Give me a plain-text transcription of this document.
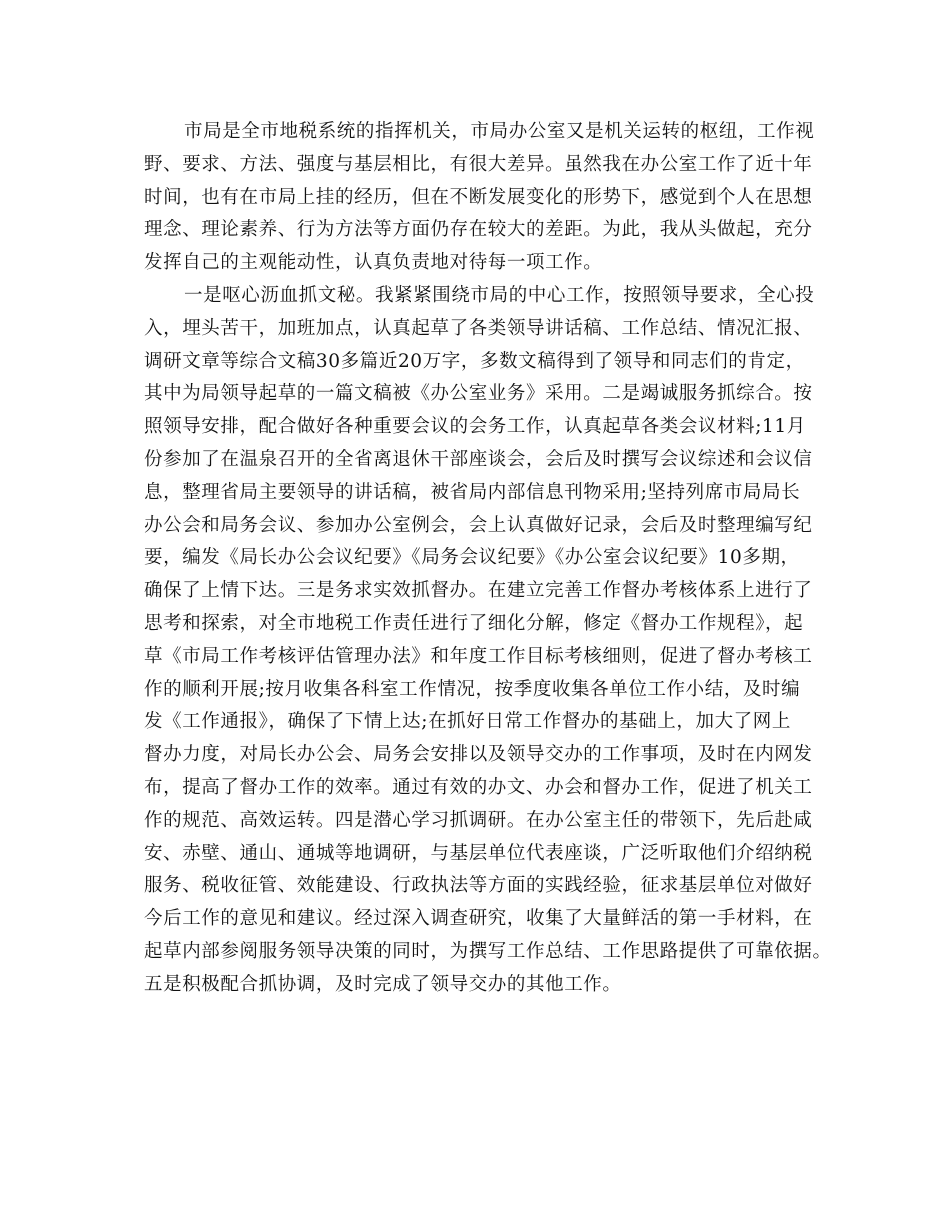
市局是全市地税系统的指挥机关，市局办公室又是机关运转的枢纽，工作视
野、要求、方法、强度与基层相比，有很大差异。虽然我在办公室工作了近十年
时间，也有在市局上挂的经历，但在不断发展变化的形势下，感觉到个人在思想
理念、理论素养、行为方法等方面仍存在较大的差距。为此，我从头做起，充分
发挥自己的主观能动性，认真负责地对待每一项工作。
一是呕心沥血抓文秘。我紧紧围绕市局的中心工作，按照领导要求，全心投
入，埋头苦干，加班加点，认真起草了各类领导讲话稿、工作总结、情况汇报、
调研文章等综合文稿30多篇近20万字，多数文稿得到了领导和同志们的肯定，
其中为局领导起草的一篇文稿被《办公室业务》采用。二是竭诚服务抓综合。按
照领导安排，配合做好各种重要会议的会务工作，认真起草各类会议材料;11月
份参加了在温泉召开的全省离退休干部座谈会，会后及时撰写会议综述和会议信
息，整理省局主要领导的讲话稿，被省局内部信息刊物采用;坚持列席市局局长
办公会和局务会议、参加办公室例会，会上认真做好记录，会后及时整理编写纪
要，编发《局长办公会议纪要》《局务会议纪要》《办公室会议纪要》10多期，
确保了上情下达。三是务求实效抓督办。在建立完善工作督办考核体系上进行了
思考和探索，对全市地税工作责任进行了细化分解，修定《督办工作规程》，起
草《市局工作考核评估管理办法》和年度工作目标考核细则，促进了督办考核工
作的顺利开展;按月收集各科室工作情况，按季度收集各单位工作小结，及时编
发《工作通报》，确保了下情上达;在抓好日常工作督办的基础上，加大了网上
督办力度，对局长办公会、局务会安排以及领导交办的工作事项，及时在内网发
布，提高了督办工作的效率。通过有效的办文、办会和督办工作，促进了机关工
作的规范、高效运转。四是潜心学习抓调研。在办公室主任的带领下，先后赴咸
安、赤壁、通山、通城等地调研，与基层单位代表座谈，广泛听取他们介绍纳税
服务、税收征管、效能建设、行政执法等方面的实践经验，征求基层单位对做好
今后工作的意见和建议。经过深入调查研究，收集了大量鲜活的第一手材料，在
起草内部参阅服务领导决策的同时，为撰写工作总结、工作思路提供了可靠依据。
五是积极配合抓协调，及时完成了领导交办的其他工作。
